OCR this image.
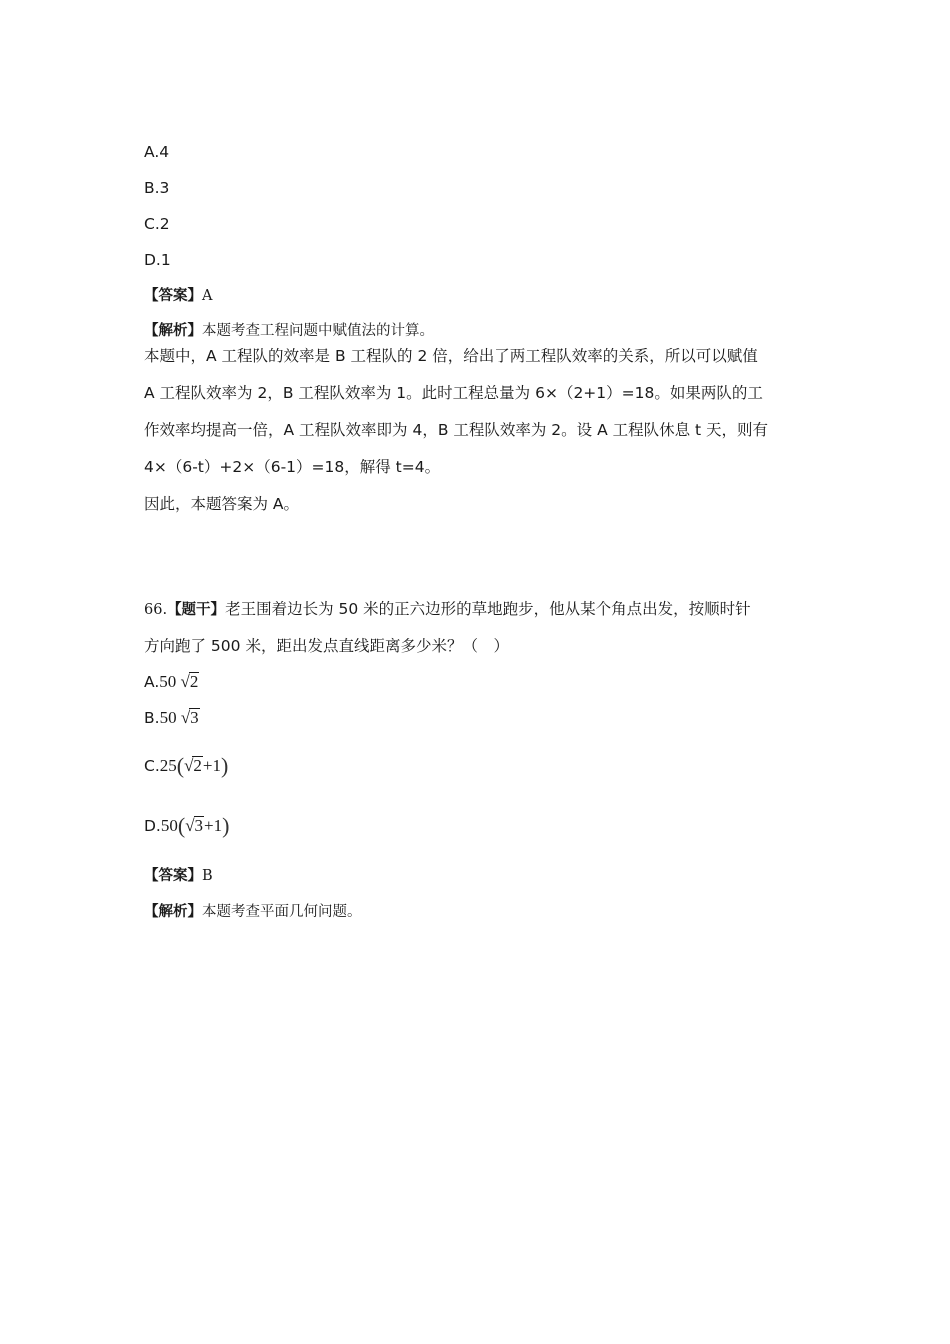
A.4
B.3
C.2
D.1
【答案】A
【解析】本题考查工程问题中赋值法的计算。
本题中，A 工程队的效率是 B 工程队的 2 倍，给出了两工程队效率的关系，所以可以赋值
A 工程队效率为 2，B 工程队效率为 1。此时工程总量为 6×（2+1）=18。如果两队的工
作效率均提高一倍，A 工程队效率即为 4，B 工程队效率为 2。设 A 工程队休息 t 天，则有
4×（6-t）+2×（6-1）=18，解得 t=4。
因此，本题答案为 A。
66.【题干】老王围着边长为 50 米的正六边形的草地跑步，他从某个角点出发，按顺时针
方向跑了 500 米，距出发点直线距离多少米？（　）
A.50 √2
B.50 √3
C.25(√2+1)
D.50(√3+1)
【答案】B
【解析】本题考查平面几何问题。
